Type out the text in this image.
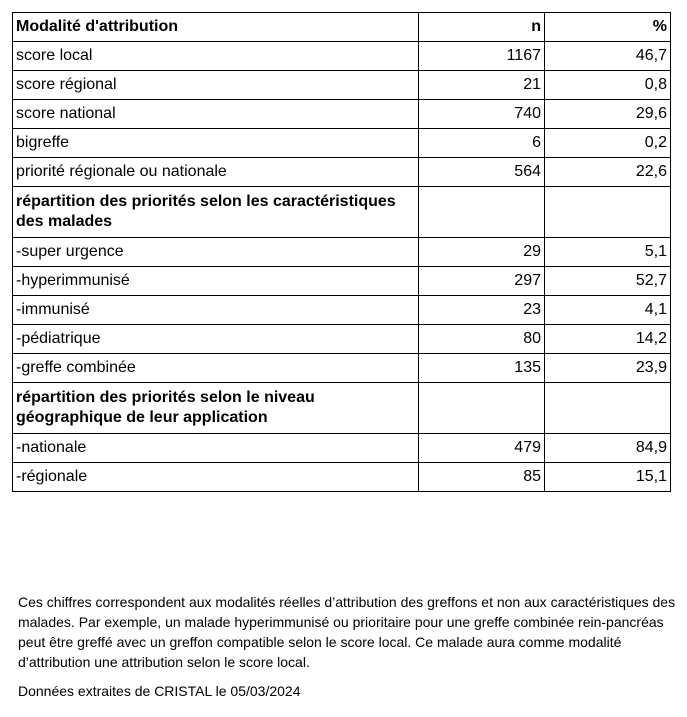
Modalité d'attribution	n	%
score local	1167	46,7
score régional	21	0,8
score national	740	29,6
bigreffe	6	0,2
priorité régionale ou nationale	564	22,6
répartition des priorités selon les caractéristiques des malades		
-super urgence	29	5,1
-hyperimmunisé	297	52,7
-immunisé	23	4,1
-pédiatrique	80	14,2
-greffe combinée	135	23,9
répartition des priorités selon le niveau géographique de leur application		
-nationale	479	84,9
-régionale	85	15,1

Ces chiffres correspondent aux modalités réelles d’attribution des greffons et non aux caractéristiques des malades. Par exemple, un malade hyperimmunisé ou prioritaire pour une greffe combinée rein-pancréas peut être greffé avec un greffon compatible selon le score local. Ce malade aura comme modalité d’attribution une attribution selon le score local.

Données extraites de CRISTAL le 05/03/2024
